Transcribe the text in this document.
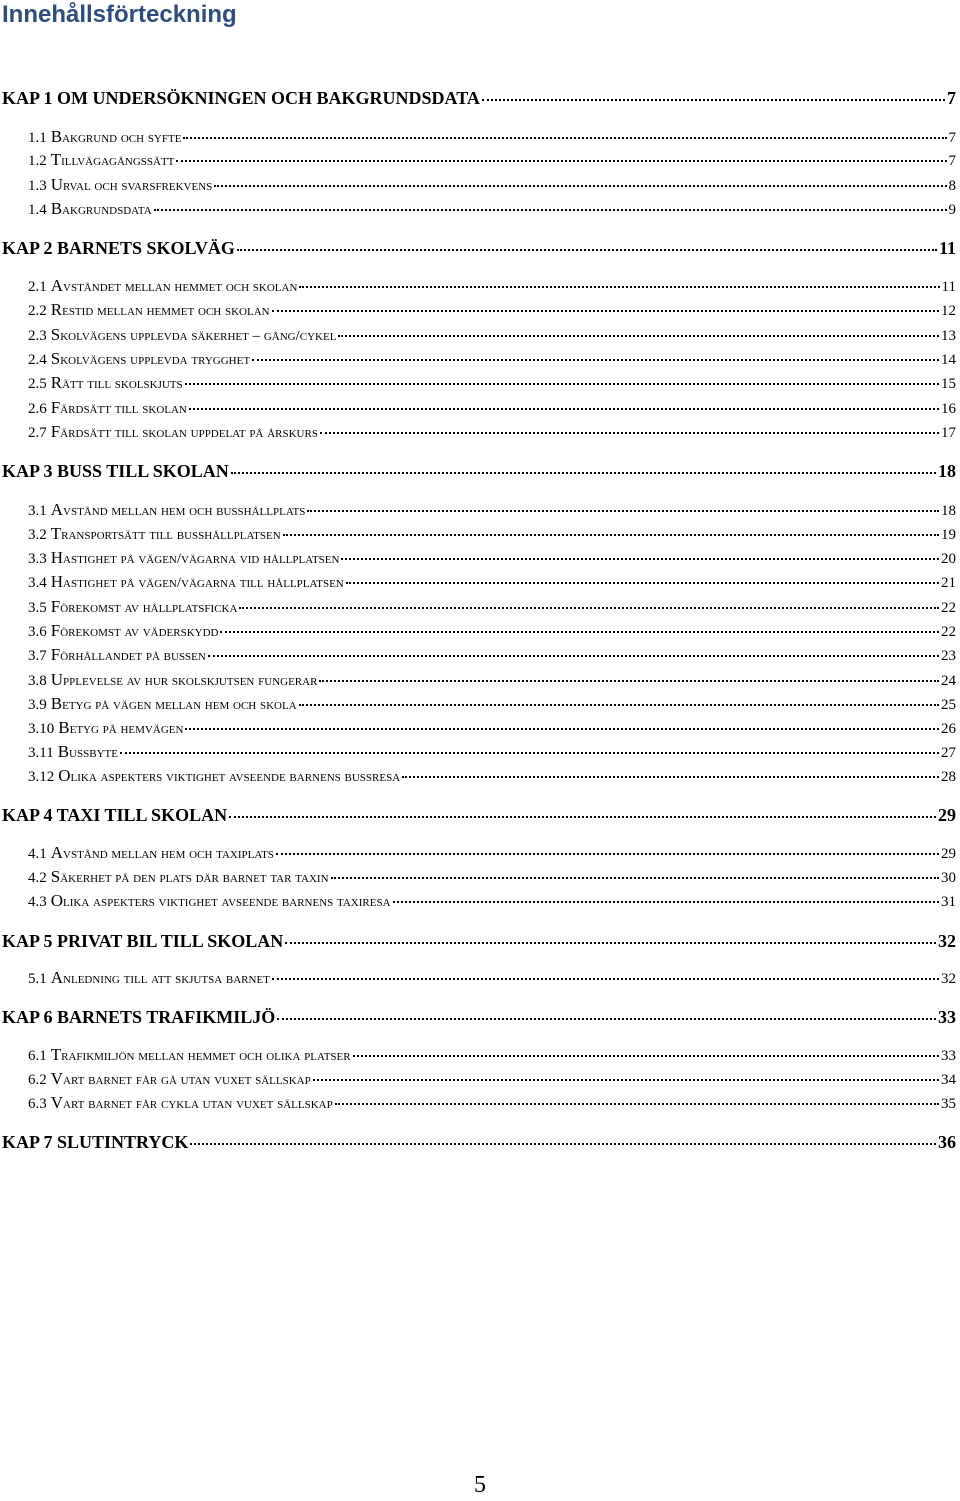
Innehållsförteckning
KAP 1 OM UNDERSÖKNINGEN OCH BAKGRUNDSDATA	7
1.1 Bakgrund och syfte	7
1.2 Tillvägagångssätt	7
1.3 Urval och svarsfrekvens	8
1.4 Bakgrundsdata	9
KAP 2 BARNETS SKOLVÄG	11
2.1 Avståndet mellan hemmet och skolan	11
2.2 Restid mellan hemmet och skolan	12
2.3 Skolvägens upplevda säkerhet – gång/cykel	13
2.4 Skolvägens upplevda trygghet	14
2.5 Rätt till skolskjuts	15
2.6 Färdsätt till skolan	16
2.7 Färdsätt till skolan uppdelat på årskurs	17
KAP 3 BUSS TILL SKOLAN	18
3.1 Avstånd mellan hem och busshållplats	18
3.2 Transportsätt till busshållplatsen	19
3.3 Hastighet på vägen/vägarna vid hållplatsen	20
3.4 Hastighet på vägen/vägarna till hållplatsen	21
3.5 Förekomst av hållplatsficka	22
3.6 Förekomst av väderskydd	22
3.7 Förhållandet på bussen	23
3.8 Upplevelse av hur skolskjutsen fungerar	24
3.9 Betyg på vägen mellan hem och skola	25
3.10 Betyg på hemvägen	26
3.11 Bussbyte	27
3.12 Olika aspekters viktighet avseende barnens bussresa	28
KAP 4 TAXI TILL SKOLAN	29
4.1 Avstånd mellan hem och taxiplats	29
4.2 Säkerhet på den plats där barnet tar taxin	30
4.3 Olika aspekters viktighet avseende barnens taxiresa	31
KAP 5 PRIVAT BIL TILL SKOLAN	32
5.1 Anledning till att skjutsa barnet	32
KAP 6 BARNETS TRAFIKMILJÖ	33
6.1 Trafikmiljön mellan hemmet och olika platser	33
6.2 Vart barnet får gå utan vuxet sällskap	34
6.3 Vart barnet får cykla utan vuxet sällskap	35
KAP 7 SLUTINTRYCK	36
5
